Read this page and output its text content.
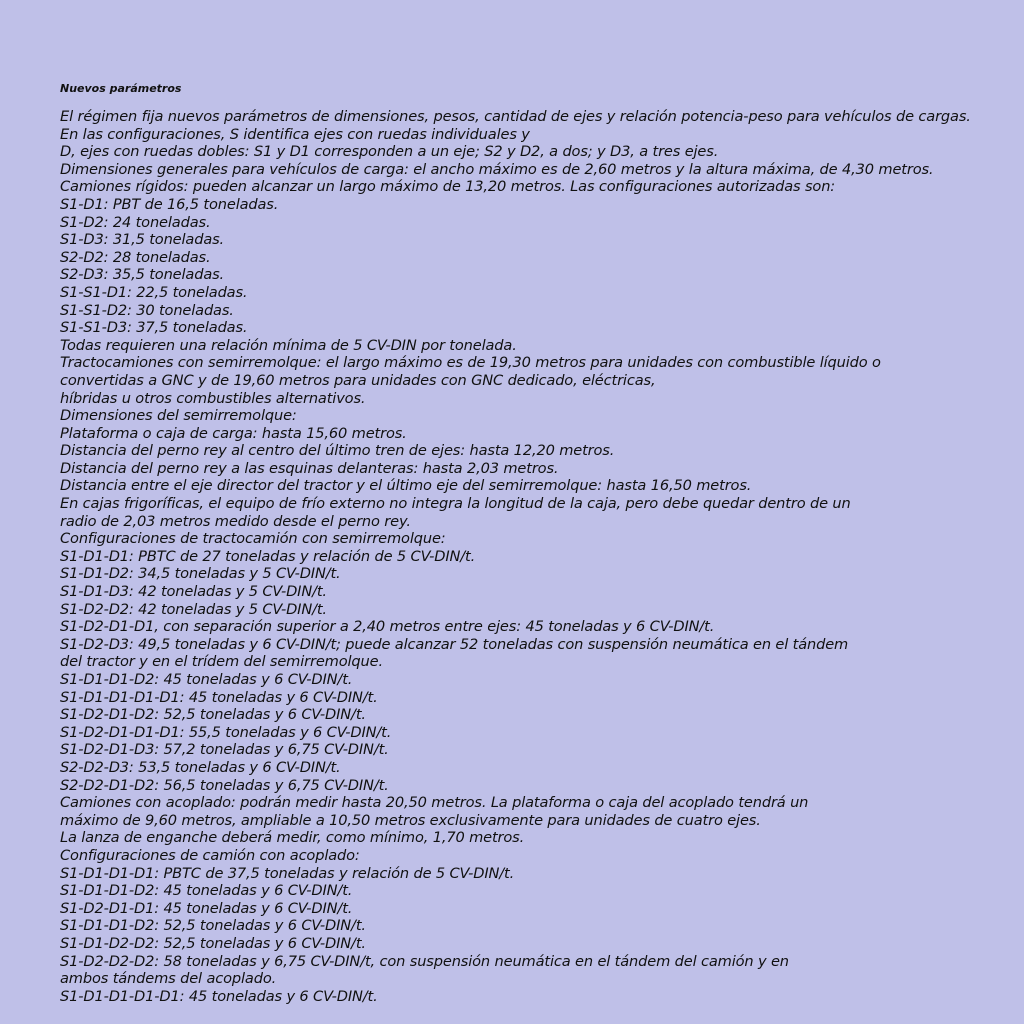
Nuevos parámetros
El régimen fija nuevos parámetros de dimensiones, pesos, cantidad de ejes y relación potencia-peso para vehículos de cargas.
En las configuraciones, S identifica ejes con ruedas individuales y
D, ejes con ruedas dobles: S1 y D1 corresponden a un eje; S2 y D2, a dos; y D3, a tres ejes.
Dimensiones generales para vehículos de carga: el ancho máximo es de 2,60 metros y la altura máxima, de 4,30 metros.
Camiones rígidos: pueden alcanzar un largo máximo de 13,20 metros. Las configuraciones autorizadas son:
S1-D1: PBT de 16,5 toneladas.
S1-D2: 24 toneladas.
S1-D3: 31,5 toneladas.
S2-D2: 28 toneladas.
S2-D3: 35,5 toneladas.
S1-S1-D1: 22,5 toneladas.
S1-S1-D2: 30 toneladas.
S1-S1-D3: 37,5 toneladas.
Todas requieren una relación mínima de 5 CV-DIN por tonelada.
Tractocamiones con semirremolque: el largo máximo es de 19,30 metros para unidades con combustible líquido o
convertidas a GNC y de 19,60 metros para unidades con GNC dedicado, eléctricas,
híbridas u otros combustibles alternativos.
Dimensiones del semirremolque:
Plataforma o caja de carga: hasta 15,60 metros.
Distancia del perno rey al centro del último tren de ejes: hasta 12,20 metros.
Distancia del perno rey a las esquinas delanteras: hasta 2,03 metros.
Distancia entre el eje director del tractor y el último eje del semirremolque: hasta 16,50 metros.
En cajas frigoríficas, el equipo de frío externo no integra la longitud de la caja, pero debe quedar dentro de un
radio de 2,03 metros medido desde el perno rey.
Configuraciones de tractocamión con semirremolque:
S1-D1-D1: PBTC de 27 toneladas y relación de 5 CV-DIN/t.
S1-D1-D2: 34,5 toneladas y 5 CV-DIN/t.
S1-D1-D3: 42 toneladas y 5 CV-DIN/t.
S1-D2-D2: 42 toneladas y 5 CV-DIN/t.
S1-D2-D1-D1, con separación superior a 2,40 metros entre ejes: 45 toneladas y 6 CV-DIN/t.
S1-D2-D3: 49,5 toneladas y 6 CV-DIN/t; puede alcanzar 52 toneladas con suspensión neumática en el tándem
del tractor y en el trídem del semirremolque.
S1-D1-D1-D2: 45 toneladas y 6 CV-DIN/t.
S1-D1-D1-D1-D1: 45 toneladas y 6 CV-DIN/t.
S1-D2-D1-D2: 52,5 toneladas y 6 CV-DIN/t.
S1-D2-D1-D1-D1: 55,5 toneladas y 6 CV-DIN/t.
S1-D2-D1-D3: 57,2 toneladas y 6,75 CV-DIN/t.
S2-D2-D3: 53,5 toneladas y 6 CV-DIN/t.
S2-D2-D1-D2: 56,5 toneladas y 6,75 CV-DIN/t.
Camiones con acoplado: podrán medir hasta 20,50 metros. La plataforma o caja del acoplado tendrá un
máximo de 9,60 metros, ampliable a 10,50 metros exclusivamente para unidades de cuatro ejes.
La lanza de enganche deberá medir, como mínimo, 1,70 metros.
Configuraciones de camión con acoplado:
S1-D1-D1-D1: PBTC de 37,5 toneladas y relación de 5 CV-DIN/t.
S1-D1-D1-D2: 45 toneladas y 6 CV-DIN/t.
S1-D2-D1-D1: 45 toneladas y 6 CV-DIN/t.
S1-D1-D1-D2: 52,5 toneladas y 6 CV-DIN/t.
S1-D1-D2-D2: 52,5 toneladas y 6 CV-DIN/t.
S1-D2-D2-D2: 58 toneladas y 6,75 CV-DIN/t, con suspensión neumática en el tándem del camión y en
ambos tándems del acoplado.
S1-D1-D1-D1-D1: 45 toneladas y 6 CV-DIN/t.
